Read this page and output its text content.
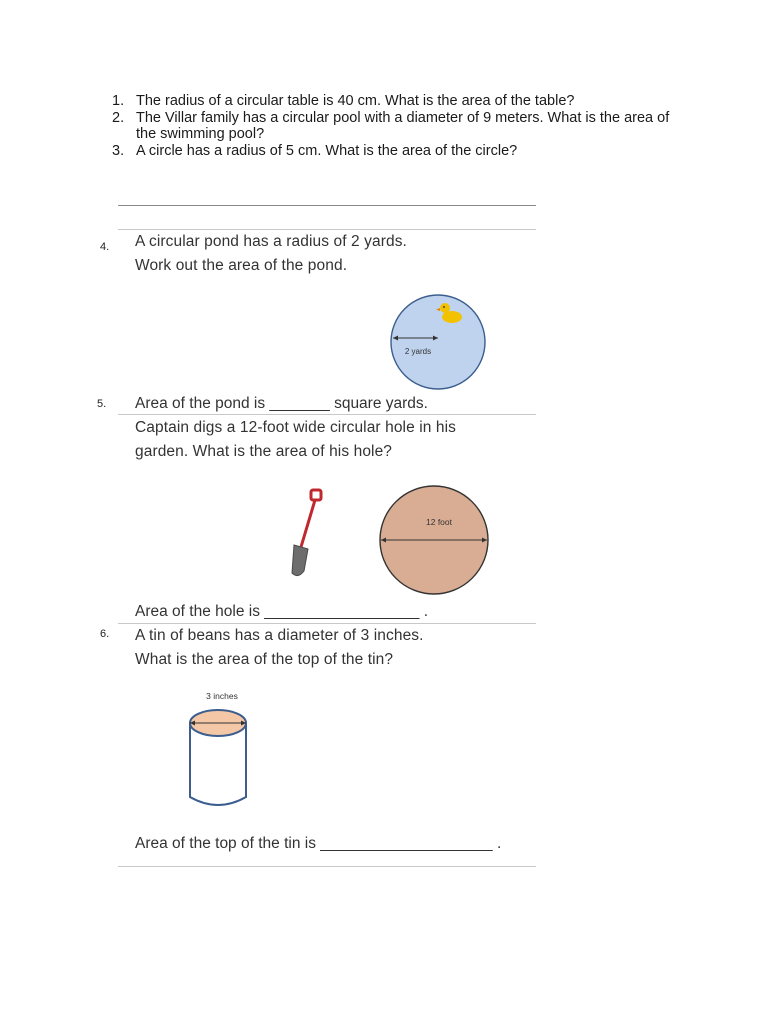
1. The radius of a circular table is 40 cm. What is the area of the table?
2. The Villar family has a circular pool with a diameter of 9 meters. What is the area of the swimming pool?
3. A circle has a radius of 5 cm. What is the area of the circle?
4. A circular pond has a radius of 2 yards.
Work out the area of the pond.
2 yards
Area of the pond is _______ square yards.
5.
Captain digs a 12-foot wide circular hole in his
garden. What is the area of his hole?
12 foot
Area of the hole is __________________ .
6. A tin of beans has a diameter of 3 inches.
What is the area of the top of the tin?
3 inches
Area of the top of the tin is ____________________ .
